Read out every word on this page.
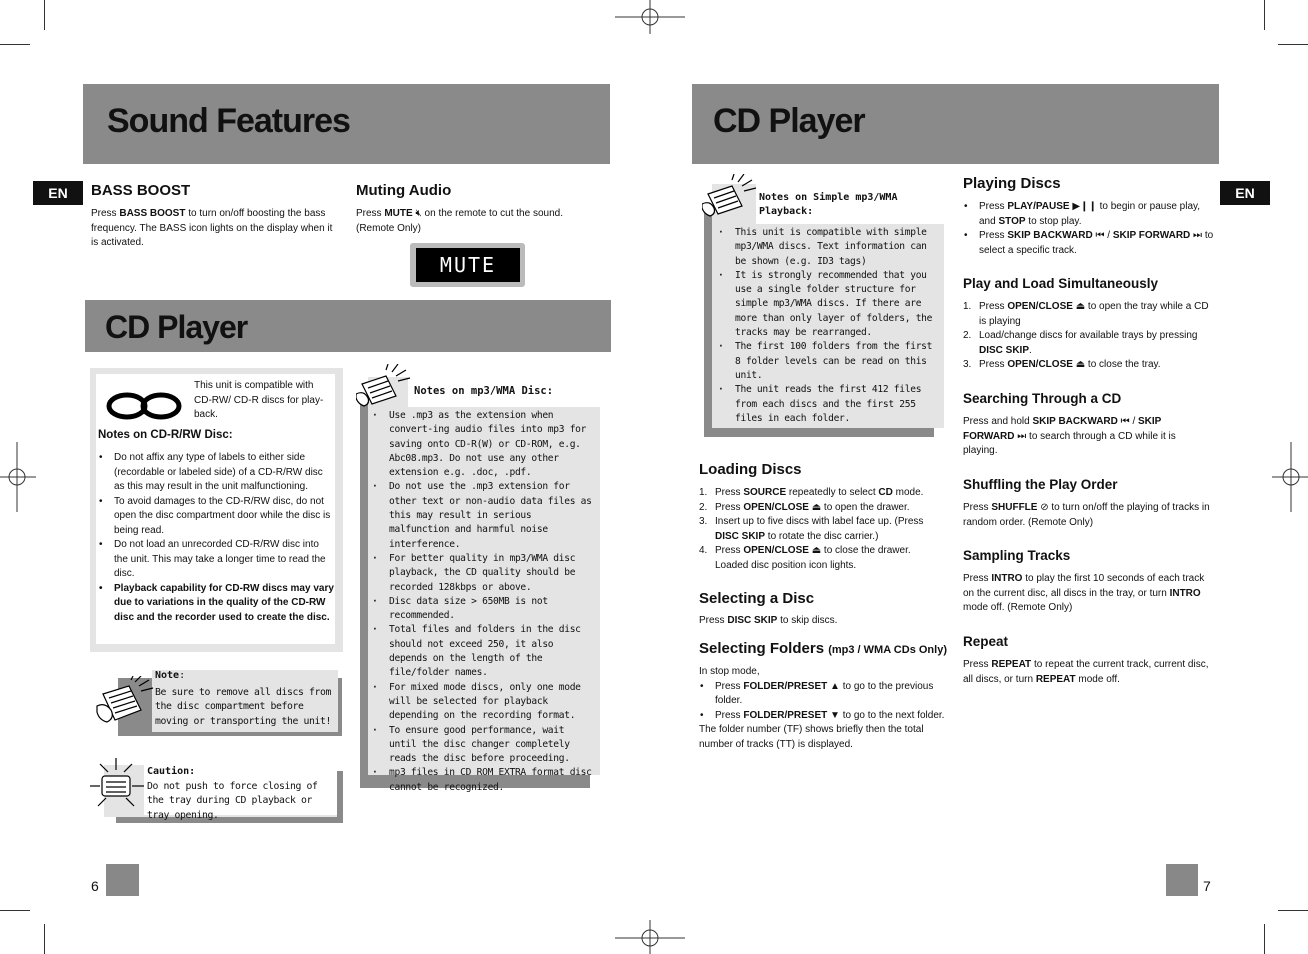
Sound Features
EN	BASS BOOST

Press BASS BOOST to turn on/off boosting the bass frequency. The BASS icon lights on the display when it is activated.

Muting Audio

Press MUTE 🔇︎ on the remote to cut the sound. (Remote Only)

MUTE
CD Player

This unit is compatible with CD-RW/ CD-R discs for play-back.

Notes on CD-R/RW Disc:

• Do not affix any type of labels to either side (recordable or labeled side) of a CD-R/RW disc as this may result in the unit malfunctioning.
• To avoid damages to the CD-R/RW disc, do not open the disc compartment door while the disc is being read.
• Do not load an unrecorded CD-R/RW disc into the unit. This may take a longer time to read the disc.
• Playback capability for CD-RW discs may vary due to variations in the quality of the CD-RW disc and the recorder used to create the disc.

Note:

Be sure to remove all discs from the disc compartment before moving or transporting the unit!

Caution:

Do not push to force closing of the tray during CD playback or tray opening.

Notes on mp3/WMA Disc:

· Use .mp3 as the extension when convert-ing audio files into mp3 for saving onto CD-R(W) or CD-ROM, e.g. Abc08.mp3. Do not use any other extension e.g. .doc, .pdf.
· Do not use the .mp3 extension for other text or non-audio data files as this may result in serious malfunction and harmful noise interference.
· For better quality in mp3/WMA disc playback, the CD quality should be recorded 128kbps or above.
· Disc data size > 650MB is not recommended.
· Total files and folders in the disc should not exceed 250, it also depends on the length of the file/folder names.
· For mixed mode discs, only one mode will be selected for playback depending on the recording format.
· To ensure good performance, wait until the disc changer completely reads the disc before proceeding.
· mp3 files in CD ROM EXTRA format disc cannot be recognized.
6
CD Player
EN

Notes on Simple mp3/WMA Playback:

· This unit is compatible with simple mp3/WMA discs. Text information can be shown (e.g. ID3 tags)
· It is strongly recommended that you use a single folder structure for simple mp3/WMA discs. If there are more than only layer of folders, the tracks may be rearranged.
· The first 100 folders from the first 8 folder levels can be read on this unit.
· The unit reads the first 412 files from each discs and the first 255 files in each folder.

Loading Discs

1. Press SOURCE repeatedly to select CD mode.
2. Press OPEN/CLOSE ⏏ to open the drawer.
3. Insert up to five discs with label face up. (Press DISC SKIP to rotate the disc carrier.)
4. Press OPEN/CLOSE ⏏ to close the drawer. Loaded disc position icon lights.

Selecting a Disc

Press DISC SKIP to skip discs.

Selecting Folders (mp3 / WMA CDs Only)

In stop mode,

• Press FOLDER/PRESET ▲ to go to the previous folder.
• Press FOLDER/PRESET ▼ to go to the next folder.

The folder number (TF) shows briefly then the total number of tracks (TT) is displayed.

Playing Discs

• Press PLAY/PAUSE ▶❙❙ to begin or pause play, and STOP to stop play.
• Press SKIP BACKWARD ⏮ / SKIP FORWARD ⏭ to select a specific track.

Play and Load Simultaneously

1. Press OPEN/CLOSE ⏏ to open the tray while a CD is playing
2. Load/change discs for available trays by pressing DISC SKIP.
3. Press OPEN/CLOSE ⏏ to close the tray.

Searching Through a CD

Press and hold SKIP BACKWARD ⏮ / SKIP FORWARD ⏭ to search through a CD while it is playing.

Shuffling the Play Order

Press SHUFFLE ⊘ to turn on/off the playing of tracks in random order. (Remote Only)

Sampling Tracks

Press INTRO to play the first 10 seconds of each track on the current disc, all discs in the tray, or turn INTRO mode off. (Remote Only)

Repeat

Press REPEAT to repeat the current track, current disc, all discs, or turn REPEAT mode off.

7
